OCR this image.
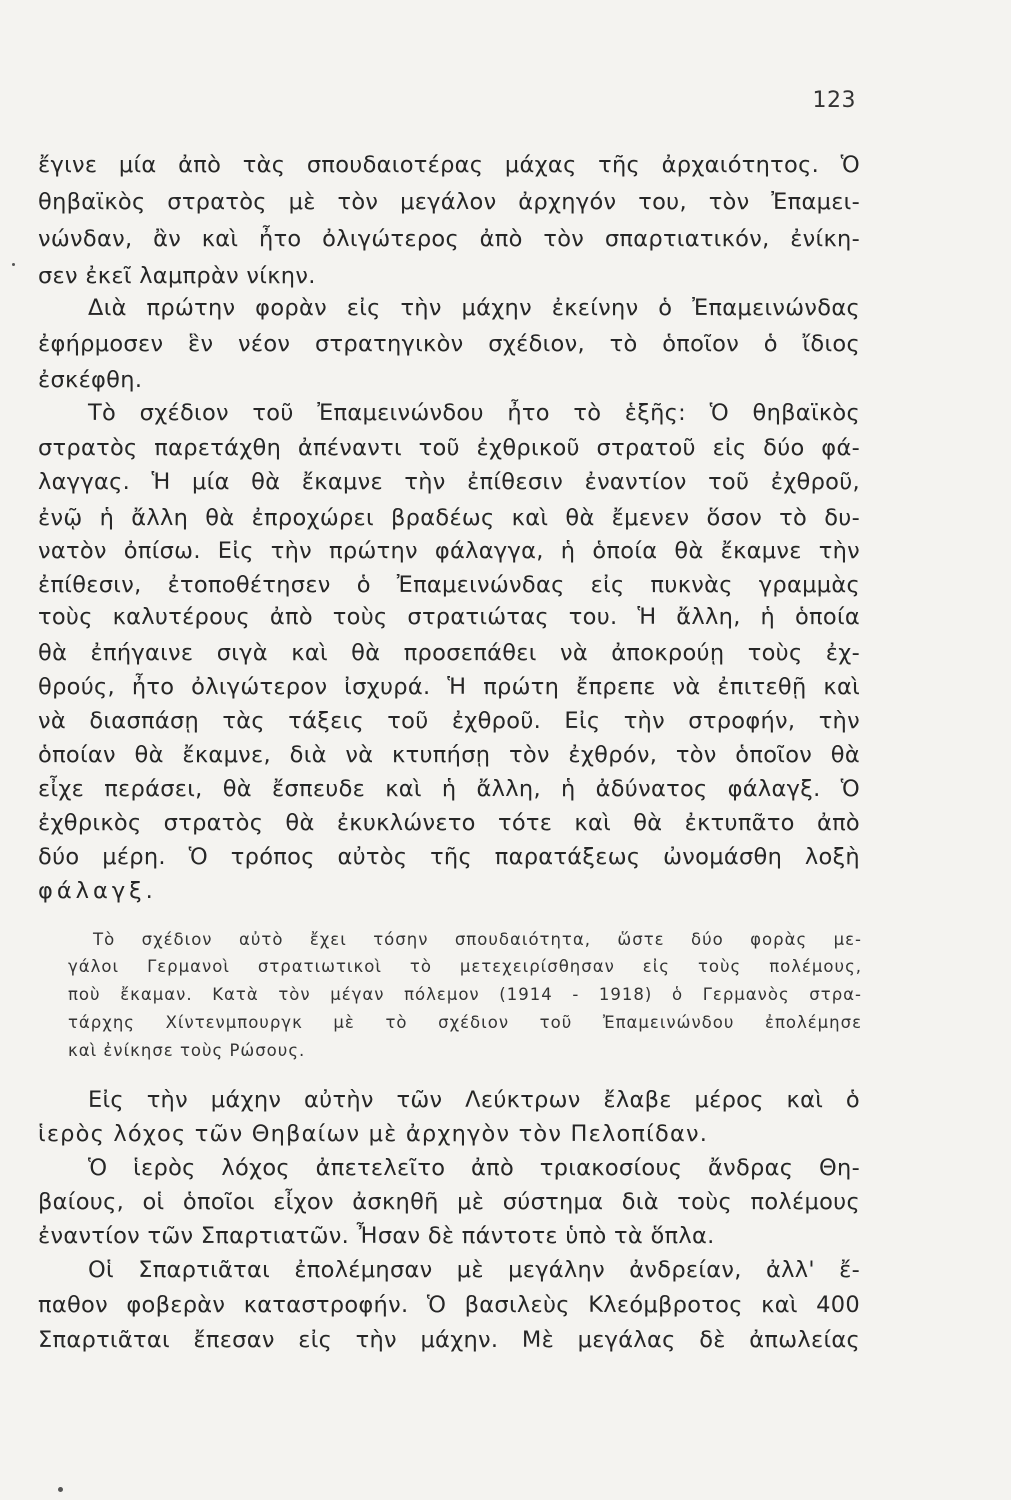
123
ἔγινε μία ἀπὸ τὰς σπουδαιοτέρας μάχας τῆς ἀρχαιότητος. Ὁ
θηβαϊκὸς στρατὸς μὲ τὸν μεγάλον ἀρχηγόν του, τὸν Ἐπαμει-
νώνδαν, ἂν καὶ ἦτο ὀλιγώτερος ἀπὸ τὸν σπαρτιατικόν, ἐνίκη-
σεν ἐκεῖ λαμπρὰν νίκην.
Διὰ πρώτην φορὰν εἰς τὴν μάχην ἐκείνην ὁ Ἐπαμεινώνδας
ἐφήρμοσεν ἓν νέον στρατηγικὸν σχέδιον, τὸ ὁποῖον ὁ ἴδιος
ἐσκέφθη.
Τὸ σχέδιον τοῦ Ἐπαμεινώνδου ἦτο τὸ ἑξῆς: Ὁ θηβαϊκὸς
στρατὸς παρετάχθη ἀπέναντι τοῦ ἐχθρικοῦ στρατοῦ εἰς δύο φά-
λαγγας. Ἡ μία θὰ ἔκαμνε τὴν ἐπίθεσιν ἐναντίον τοῦ ἐχθροῦ,
ἐνῷ ἡ ἄλλη θὰ ἐπροχώρει βραδέως καὶ θὰ ἔμενεν ὅσον τὸ δυ-
νατὸν ὀπίσω. Εἰς τὴν πρώτην φάλαγγα, ἡ ὁποία θὰ ἔκαμνε τὴν
ἐπίθεσιν, ἐτοποθέτησεν ὁ Ἐπαμεινώνδας εἰς πυκνὰς γραμμὰς
τοὺς καλυτέρους ἀπὸ τοὺς στρατιώτας του. Ἡ ἄλλη, ἡ ὁποία
θὰ ἐπήγαινε σιγὰ καὶ θὰ προσεπάθει νὰ ἀποκρούῃ τοὺς ἐχ-
θρούς, ἦτο ὀλιγώτερον ἰσχυρά. Ἡ πρώτη ἔπρεπε νὰ ἐπιτεθῇ καὶ
νὰ διασπάσῃ τὰς τάξεις τοῦ ἐχθροῦ. Εἰς τὴν στροφήν, τὴν
ὁποίαν θὰ ἔκαμνε, διὰ νὰ κτυπήσῃ τὸν ἐχθρόν, τὸν ὁποῖον θὰ
εἶχε περάσει, θὰ ἔσπευδε καὶ ἡ ἄλλη, ἡ ἀδύνατος φάλαγξ. Ὁ
ἐχθρικὸς στρατὸς θὰ ἐκυκλώνετο τότε καὶ θὰ ἐκτυπᾶτο ἀπὸ
δύο μέρη. Ὁ τρόπος αὐτὸς τῆς παρατάξεως ὠνομάσθη λοξὴ
φάλαγξ.
Τὸ σχέδιον αὐτὸ ἔχει τόσην σπουδαιότητα, ὥστε δύο φορὰς με-
γάλοι Γερμανοὶ στρατιωτικοὶ τὸ μετεχειρίσθησαν εἰς τοὺς πολέμους,
ποὺ ἔκαμαν. Κατὰ τὸν μέγαν πόλεμον (1914 - 1918) ὁ Γερμανὸς στρα-
τάρχης Χίντενμπουργκ μὲ τὸ σχέδιον τοῦ Ἐπαμεινώνδου ἐπολέμησε
καὶ ἐνίκησε τοὺς Ρώσους.
Εἰς τὴν μάχην αὐτὴν τῶν Λεύκτρων ἔλαβε μέρος καὶ ὁ
ἱερὸς λόχος τῶν Θηβαίων μὲ ἀρχηγὸν τὸν Πελοπίδαν.
Ὁ ἱερὸς λόχος ἀπετελεῖτο ἀπὸ τριακοσίους ἄνδρας Θη-
βαίους, οἱ ὁποῖοι εἶχον ἀσκηθῆ μὲ σύστημα διὰ τοὺς πολέμους
ἐναντίον τῶν Σπαρτιατῶν. Ἦσαν δὲ πάντοτε ὑπὸ τὰ ὅπλα.
Οἱ Σπαρτιᾶται ἐπολέμησαν μὲ μεγάλην ἀνδρείαν, ἀλλ' ἔ-
παθον φοβερὰν καταστροφήν. Ὁ βασιλεὺς Κλεόμβροτος καὶ 400
Σπαρτιᾶται ἔπεσαν εἰς τὴν μάχην. Μὲ μεγάλας δὲ ἀπωλείας
